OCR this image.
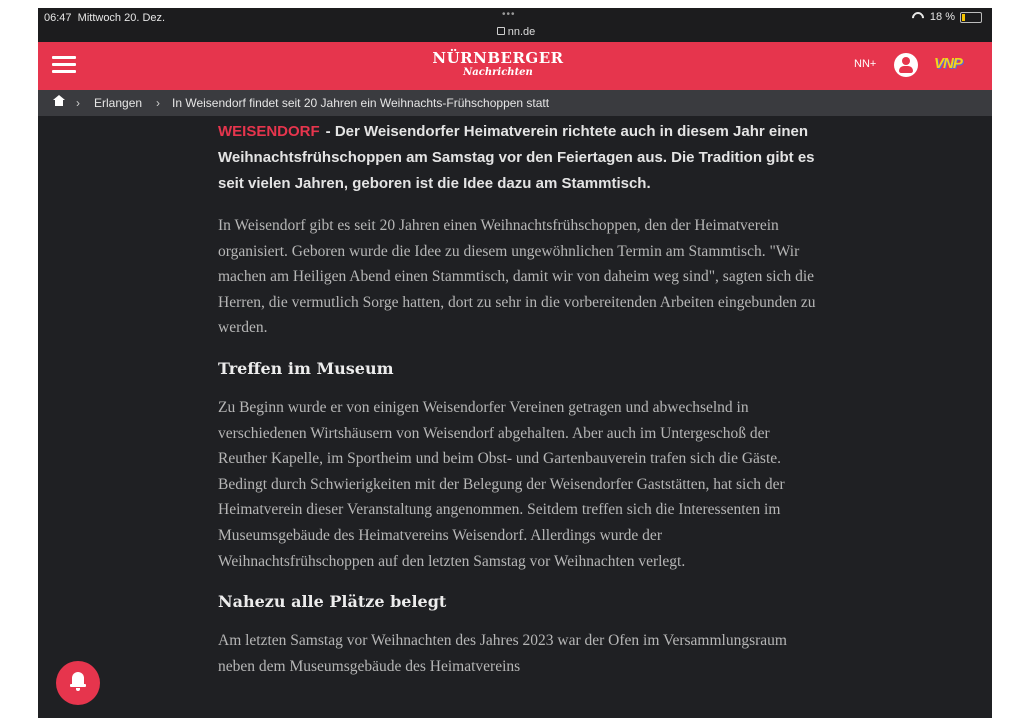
06:47 Mittwoch 20. Dez.	•••
nn.de
18 %
NÜRNBERGER
Nachrichten
NN+	VNP
› Erlangen › In Weisendorf findet seit 20 Jahren ein Weihnachts-Frühschoppen statt
WEISENDORF - Der Weisendorfer Heimatverein richtete auch in diesem Jahr einen Weihnachtsfrühschoppen am Samstag vor den Feiertagen aus. Die Tradition gibt es seit vielen Jahren, geboren ist die Idee dazu am Stammtisch.
In Weisendorf gibt es seit 20 Jahren einen Weihnachtsfrühschoppen, den der Heimatverein organisiert. Geboren wurde die Idee zu diesem ungewöhnlichen Termin am Stammtisch. "Wir machen am Heiligen Abend einen Stammtisch, damit wir von daheim weg sind", sagten sich die Herren, die vermutlich Sorge hatten, dort zu sehr in die vorbereitenden Arbeiten eingebunden zu werden.
Treffen im Museum
Zu Beginn wurde er von einigen Weisendorfer Vereinen getragen und abwechselnd in verschiedenen Wirtshäusern von Weisendorf abgehalten. Aber auch im Untergeschoß der Reuther Kapelle, im Sportheim und beim Obst- und Gartenbauverein trafen sich die Gäste. Bedingt durch Schwierigkeiten mit der Belegung der Weisendorfer Gaststätten, hat sich der Heimatverein dieser Veranstaltung angenommen. Seitdem treffen sich die Interessenten im Museumsgebäude des Heimatvereins Weisendorf. Allerdings wurde der Weihnachtsfrühschoppen auf den letzten Samstag vor Weihnachten verlegt.
Nahezu alle Plätze belegt
Am letzten Samstag vor Weihnachten des Jahres 2023 war der Ofen im Versammlungsraum neben dem Museumsgebäude des Heimatvereins
